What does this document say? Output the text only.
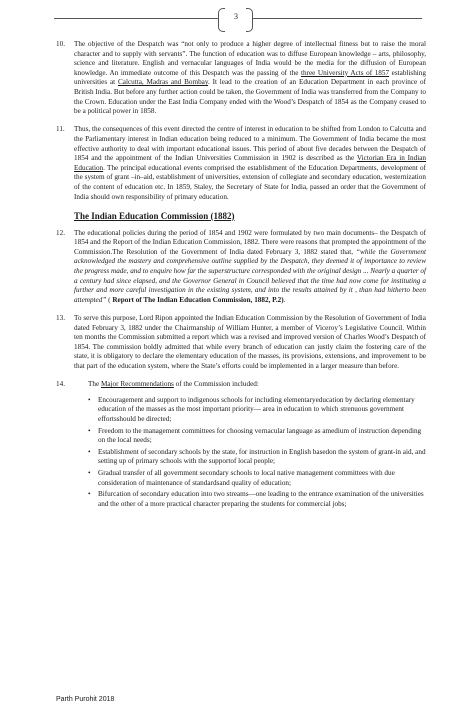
3
10. The objective of the Despatch was “not only to produce a higher degree of intellectual fitness but to raise the moral character and to supply with servants”. The function of education was to diffuse European knowledge – arts, philosophy, science and literature. English and vernacular languages of India would be the media for the diffusion of European knowledge. An immediate outcome of this Despatch was the passing of the three University Acts of 1857 establishing universities at Calcutta, Madras and Bombay. It lead to the creation of an Education Department in each province of British India. But before any further action could be taken, the Government of India was transferred from the Company to the Crown. Education under the East India Company ended with the Wood’s Despatch of 1854 as the Company ceased to be a political power in 1858.
11. Thus, the consequences of this event directed the centre of interest in education to be shifted from London to Calcutta and the Parliamentary interest in Indian education being reduced to a minimum. The Government of India became the most effective authority to deal with important educational issues. This period of about five decades between the Despatch of 1854 and the appointment of the Indian Universities Commission in 1902 is described as the Victorian Era in Indian Education. The principal educational events comprised the establishment of the Education Departments, development of the system of grant –in–aid, establishment of universities, extension of collegiate and secondary education, westernization of the content of education etc. In 1859, Staley, the Secretary of State for India, passed an order that the Government of India should own responsibility of primary education.
The Indian Education Commission (1882)
12. The educational policies during the period of 1854 and 1902 were formulated by two main documents– the Despatch of 1854 and the Report of the Indian Education Commission, 1882. There were reasons that prompted the appointment of the Commission.The Resolution of the Government of India dated February 3, 1882 stated that, “while the Government acknowledged the mastery and comprehensive outline supplied by the Despatch, they deemed it of importance to review the progress made, and to enquire how far the superstructure corresponded with the original design ... Nearly a quarter of a century had since elapsed, and the Governor General in Council believed that the time had now come for instituting a further and more careful investigation in the existing system, and into the results attained by it , than had hitherto been attempted” ( Report of The Indian Education Commission, 1882, P.2).
13. To serve this purpose, Lord Ripon appointed the Indian Education Commission by the Resolution of Government of India dated February 3, 1882 under the Chairmanship of William Hunter, a member of Viceroy’s Legislative Council. Within ten months the Commission submitted a report which was a revised and improved version of Charles Wood’s Despatch of 1854. The commission boldly admitted that while every branch of education can justly claim the fostering care of the state, it is obligatory to declare the elementary education of the masses, its provisions, extensions, and improvement to be that part of the education system, where the State’s efforts could be implemented in a larger measure than before.
14.	The Major Recommendations of the Commission included:
• Encouragement and support to indigenous schools for including elementaryeducation by declaring elementary education of the masses as the most important priority— area in education to which strenuous government effortsshould be directed;
• Freedom to the management committees for choosing vernacular language as amedium of instruction depending on the local needs;
• Establishment of secondary schools by the state, for instruction in English basedon the system of grant-in aid, and setting up of primary schools with the supportof local people;
• Gradual transfer of all government secondary schools to local native management committees with due consideration of maintenance of standardsand quality of education;
• Bifurcation of secondary education into two streams—one leading to the entrance examination of the universities and the other of a more practical character preparing the students for commercial jobs;
Parth Purohit 2018
